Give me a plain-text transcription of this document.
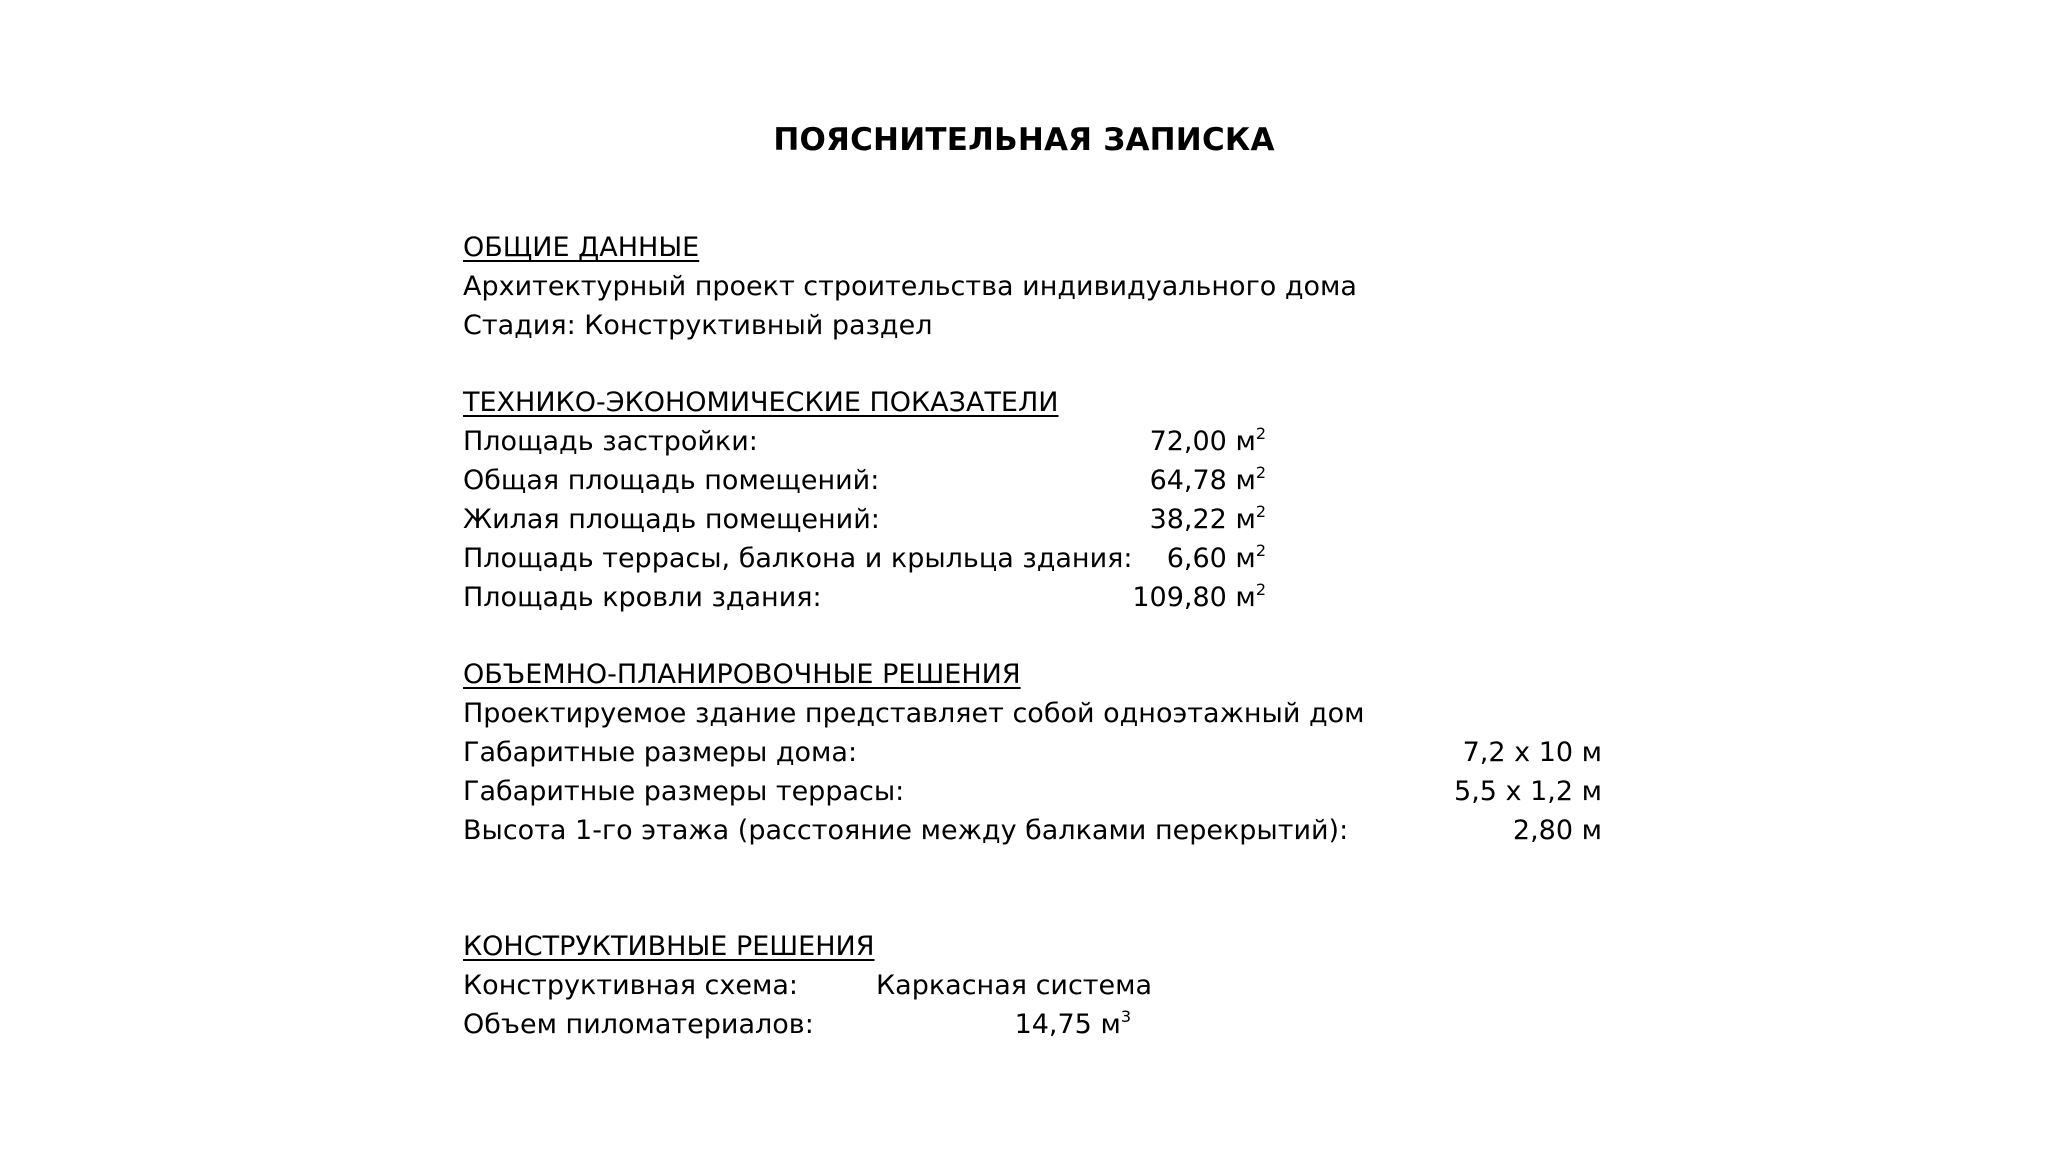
ПОЯСНИТЕЛЬНАЯ ЗАПИСКА
ОБЩИЕ ДАННЫЕ
Архитектурный проект строительства индивидуального дома
Стадия: Конструктивный раздел
ТЕХНИКО-ЭКОНОМИЧЕСКИЕ ПОКАЗАТЕЛИ
Площадь застройки:	72,00 $м^2$
Общая площадь помещений:	64,78 $м^2$
Жилая площадь помещений:	38,22 $м^2$
Площадь террасы, балкона и крыльца здания:	6,60 $м^2$
Площадь кровли здания:	109,80 $м^2$
ОБЪЕМНО-ПЛАНИРОВОЧНЫЕ РЕШЕНИЯ
Проектируемое здание представляет собой одноэтажный дом
Габаритные размеры дома:	7,2 х 10 м
Габаритные размеры террасы:	5,5 х 1,2 м
Высота 1-го этажа (расстояние между балками перекрытий):	2,80 м
КОНСТРУКТИВНЫЕ РЕШЕНИЯ
Конструктивная схема:	Каркасная система
Объем пиломатериалов:	14,75 $м^3$
